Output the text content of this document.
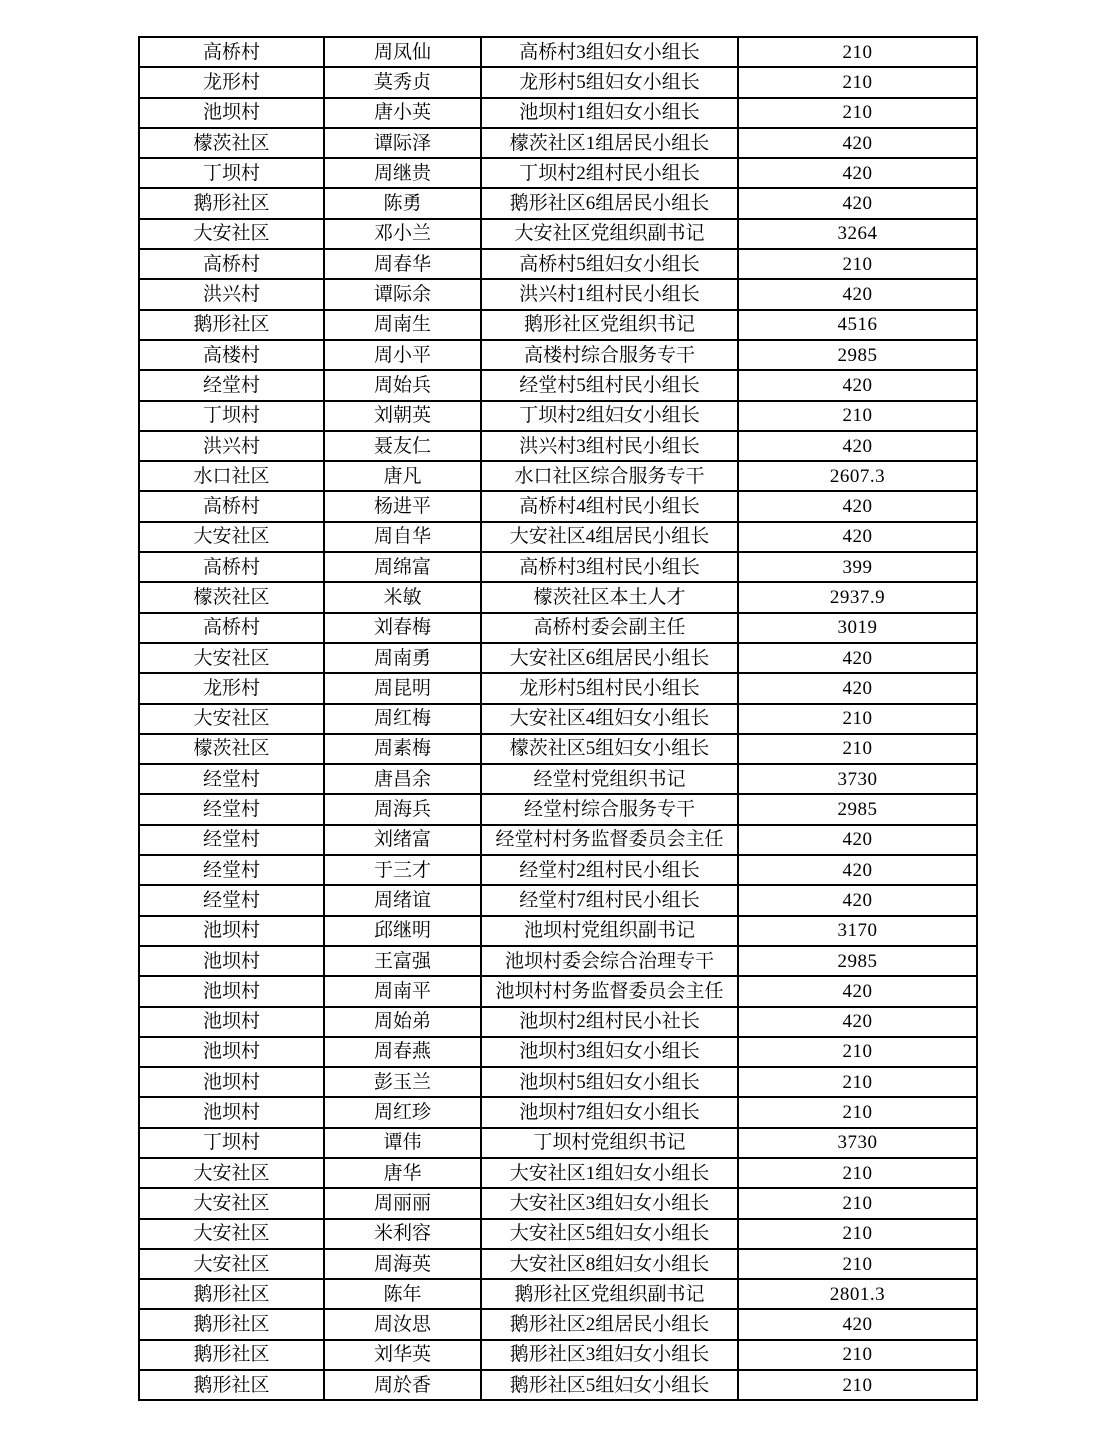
高桥村	周凤仙	高桥村3组妇女小组长	210
龙形村	莫秀贞	龙形村5组妇女小组长	210
池坝村	唐小英	池坝村1组妇女小组长	210
檬茨社区	谭际泽	檬茨社区1组居民小组长	420
丁坝村	周继贵	丁坝村2组村民小组长	420
鹅形社区	陈勇	鹅形社区6组居民小组长	420
大安社区	邓小兰	大安社区党组织副书记	3264
高桥村	周春华	高桥村5组妇女小组长	210
洪兴村	谭际余	洪兴村1组村民小组长	420
鹅形社区	周南生	鹅形社区党组织书记	4516
高楼村	周小平	高楼村综合服务专干	2985
经堂村	周始兵	经堂村5组村民小组长	420
丁坝村	刘朝英	丁坝村2组妇女小组长	210
洪兴村	聂友仁	洪兴村3组村民小组长	420
水口社区	唐凡	水口社区综合服务专干	2607.3
高桥村	杨进平	高桥村4组村民小组长	420
大安社区	周自华	大安社区4组居民小组长	420
高桥村	周绵富	高桥村3组村民小组长	399
檬茨社区	米敏	檬茨社区本土人才	2937.9
高桥村	刘春梅	高桥村委会副主任	3019
大安社区	周南勇	大安社区6组居民小组长	420
龙形村	周昆明	龙形村5组村民小组长	420
大安社区	周红梅	大安社区4组妇女小组长	210
檬茨社区	周素梅	檬茨社区5组妇女小组长	210
经堂村	唐昌余	经堂村党组织书记	3730
经堂村	周海兵	经堂村综合服务专干	2985
经堂村	刘绪富	经堂村村务监督委员会主任	420
经堂村	于三才	经堂村2组村民小组长	420
经堂村	周绪谊	经堂村7组村民小组长	420
池坝村	邱继明	池坝村党组织副书记	3170
池坝村	王富强	池坝村委会综合治理专干	2985
池坝村	周南平	池坝村村务监督委员会主任	420
池坝村	周始弟	池坝村2组村民小社长	420
池坝村	周春燕	池坝村3组妇女小组长	210
池坝村	彭玉兰	池坝村5组妇女小组长	210
池坝村	周红珍	池坝村7组妇女小组长	210
丁坝村	谭伟	丁坝村党组织书记	3730
大安社区	唐华	大安社区1组妇女小组长	210
大安社区	周丽丽	大安社区3组妇女小组长	210
大安社区	米利容	大安社区5组妇女小组长	210
大安社区	周海英	大安社区8组妇女小组长	210
鹅形社区	陈年	鹅形社区党组织副书记	2801.3
鹅形社区	周汝思	鹅形社区2组居民小组长	420
鹅形社区	刘华英	鹅形社区3组妇女小组长	210
鹅形社区	周於香	鹅形社区5组妇女小组长	210
